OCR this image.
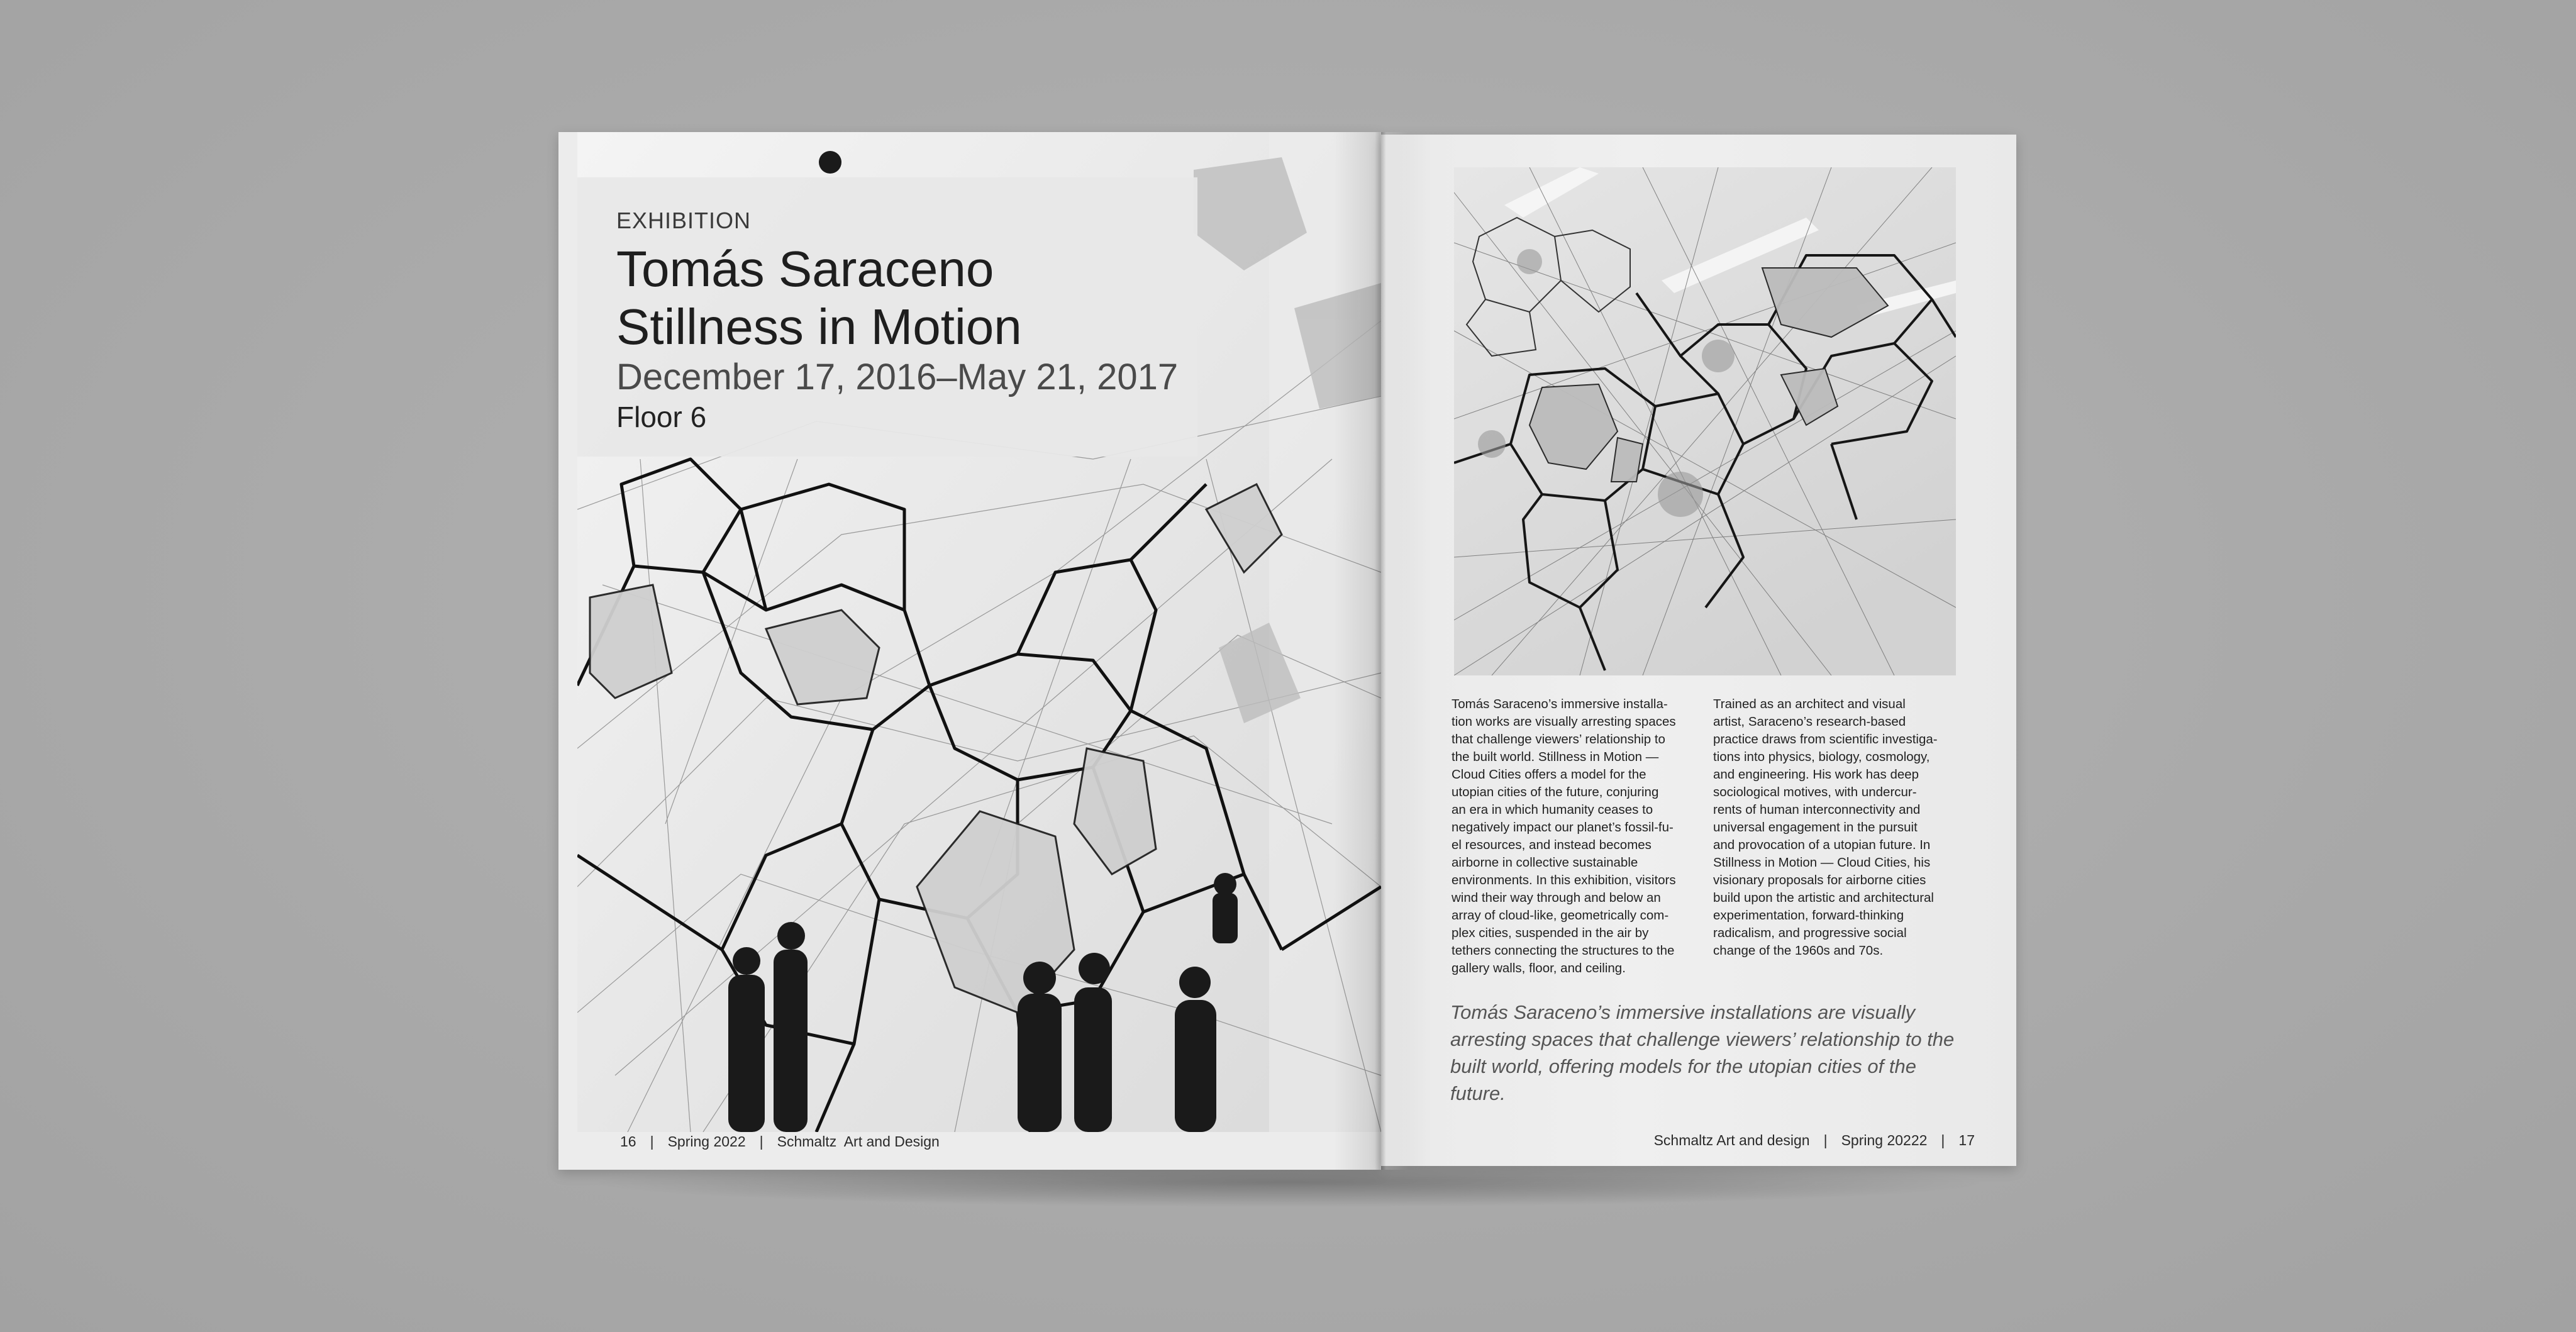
EXHIBITION
Tomás Saraceno
Stillness in Motion
December 17, 2016–May 21, 2017
Floor 6
16 | Spring 2022 | Schmaltz  Art and Design
Tomás Saraceno’s immersive installa-
tion works are visually arresting spaces
that challenge viewers’ relationship to
the built world. Stillness in Motion —
Cloud Cities offers a model for the
utopian cities of the future, conjuring
an era in which humanity ceases to
negatively impact our planet’s fossil-fu-
el resources, and instead becomes
airborne in collective sustainable
environments. In this exhibition, visitors
wind their way through and below an
array of cloud-like, geometrically com-
plex cities, suspended in the air by
tethers connecting the structures to the
gallery walls, floor, and ceiling.
Trained as an architect and visual
artist, Saraceno’s research-based
practice draws from scientific investiga-
tions into physics, biology, cosmology,
and engineering. His work has deep
sociological motives, with undercur-
rents of human interconnectivity and
universal engagement in the pursuit
and provocation of a utopian future. In
Stillness in Motion — Cloud Cities, his
visionary proposals for airborne cities
build upon the artistic and architectural
experimentation, forward-thinking
radicalism, and progressive social
change of the 1960s and 70s.
Tomás Saraceno’s immersive installations are visually arresting spaces that challenge viewers’ relationship to the built world, offering models for the utopian cities of the future.
Schmaltz Art and design | Spring 20222 | 17
